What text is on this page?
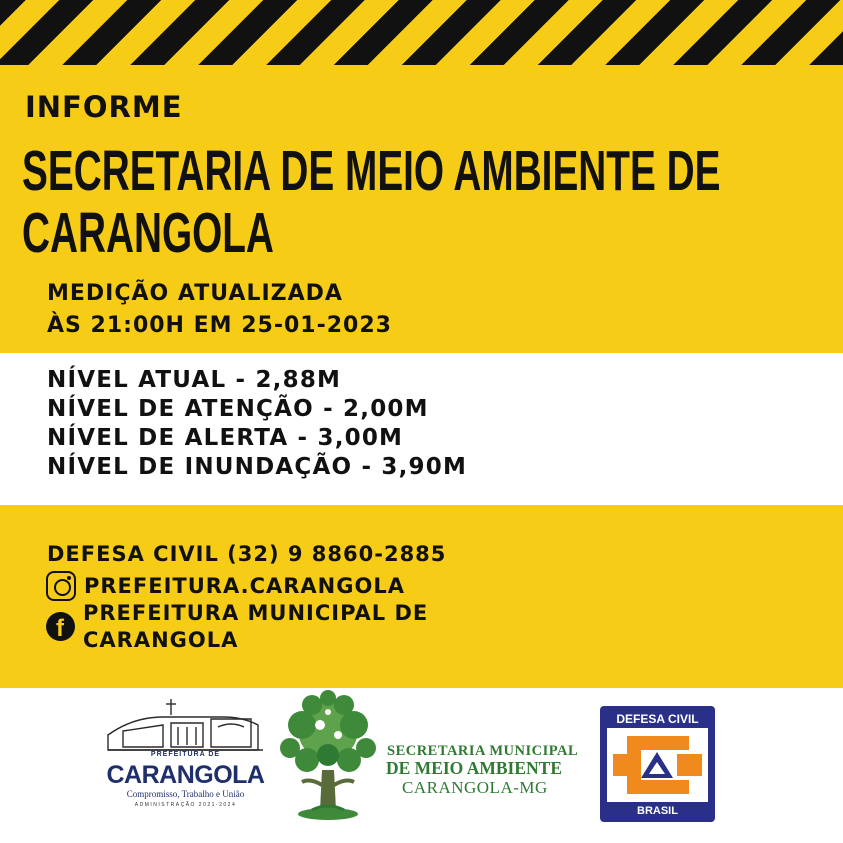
INFORME
SECRETARIA DE MEIO AMBIENTE DE
CARANGOLA
MEDIÇÃO ATUALIZADA
ÀS 21:00H EM 25-01-2023
NÍVEL ATUAL - 2,88M
NÍVEL DE ATENÇÃO - 2,00M
NÍVEL DE ALERTA - 3,00M
NÍVEL DE INUNDAÇÃO - 3,90M
DEFESA CIVIL (32) 9 8860-2885
PREFEITURA.CARANGOLA
f
PREFEITURA MUNICIPAL DE CARANGOLA
PREFEITURA DE
CARANGOLA
Compromisso, Trabalho e União
ADMINISTRAÇÃO 2021-2024
SECRETARIA MUNICIPAL
DE MEIO AMBIENTE
CARANGOLA-MG
DEFESA CIVIL
BRASIL
